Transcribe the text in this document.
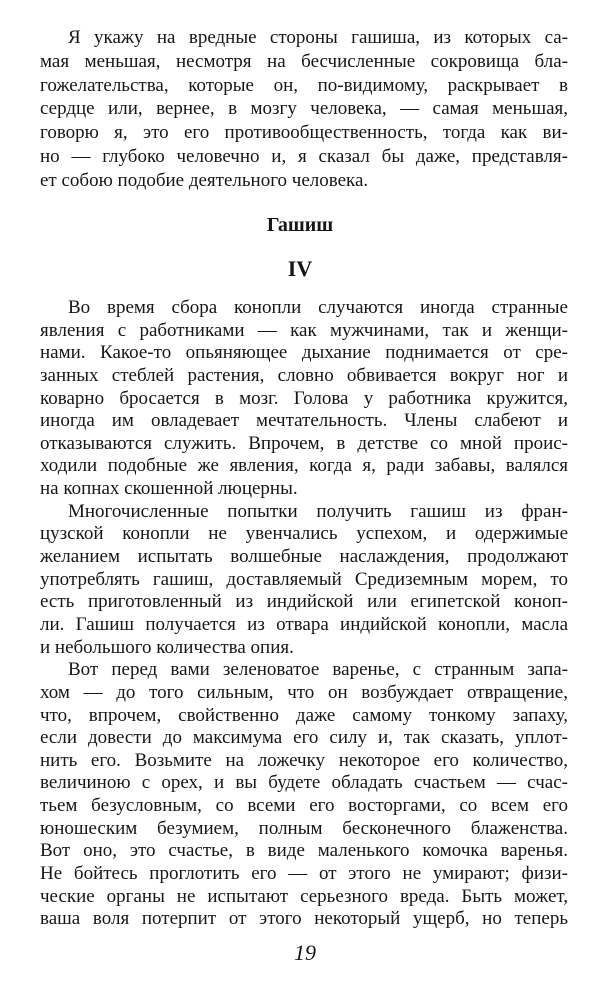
Я укажу на вредные стороны гашиша, из которых са-
мая меньшая, несмотря на бесчисленные сокровища бла-
гожелательства, которые он, по-видимому, раскрывает в
сердце или, вернее, в мозгу человека, — самая меньшая,
говорю я, это его противообщественность, тогда как ви-
но — глубоко человечно и, я сказал бы даже, представля-
ет собою подобие деятельного человека.
Гашиш
IV
Во время сбора конопли случаются иногда странные
явления с работниками — как мужчинами, так и женщи-
нами. Какое-то опьяняющее дыхание поднимается от сре-
занных стеблей растения, словно обвивается вокруг ног и
коварно бросается в мозг. Голова у работника кружится,
иногда им овладевает мечтательность. Члены слабеют и
отказываются служить. Впрочем, в детстве со мной проис-
ходили подобные же явления, когда я, ради забавы, валялся
на копнах скошенной люцерны.
Многочисленные попытки получить гашиш из фран-
цузской конопли не увенчались успехом, и одержимые
желанием испытать волшебные наслаждения, продолжают
употреблять гашиш, доставляемый Средиземным морем, то
есть приготовленный из индийской или египетской коноп-
ли. Гашиш получается из отвара индийской конопли, масла
и небольшого количества опия.
Вот перед вами зеленоватое варенье, с странным запа-
хом — до того сильным, что он возбуждает отвращение,
что, впрочем, свойственно даже самому тонкому запаху,
если довести до максимума его силу и, так сказать, уплот-
нить его. Возьмите на ложечку некоторое его количество,
величиною с орех, и вы будете обладать счастьем — счас-
тьем безусловным, со всеми его восторгами, со всем его
юношеским безумием, полным бесконечного блаженства.
Вот оно, это счастье, в виде маленького комочка варенья.
Не бойтесь проглотить его — от этого не умирают; физи-
ческие органы не испытают серьезного вреда. Быть может,
ваша воля потерпит от этого некоторый ущерб, но теперь
19
